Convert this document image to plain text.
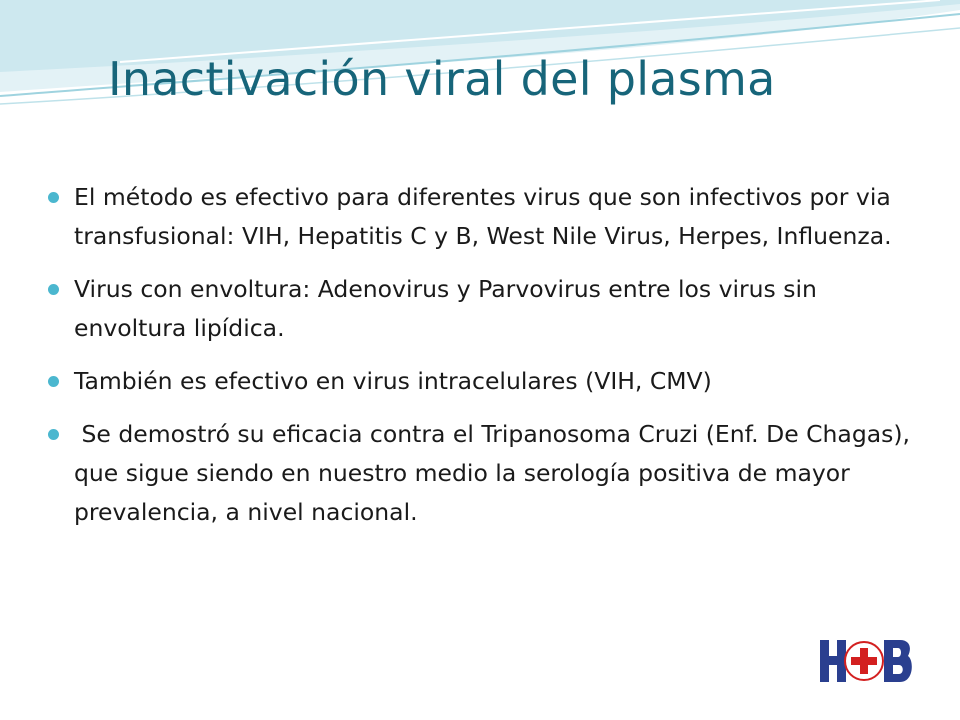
Inactivación viral del plasma
El método es efectivo para diferentes virus que son infectivos por via transfusional: VIH, Hepatitis C y B, West Nile Virus, Herpes, Influenza.
Virus con envoltura: Adenovirus y Parvovirus entre los virus sin envoltura lipídica.
También es efectivo en virus intracelulares (VIH, CMV)
Se demostró su eficacia contra el Tripanosoma Cruzi (Enf. De Chagas), que sigue siendo en nuestro medio la serología positiva de mayor prevalencia, a nivel nacional.
